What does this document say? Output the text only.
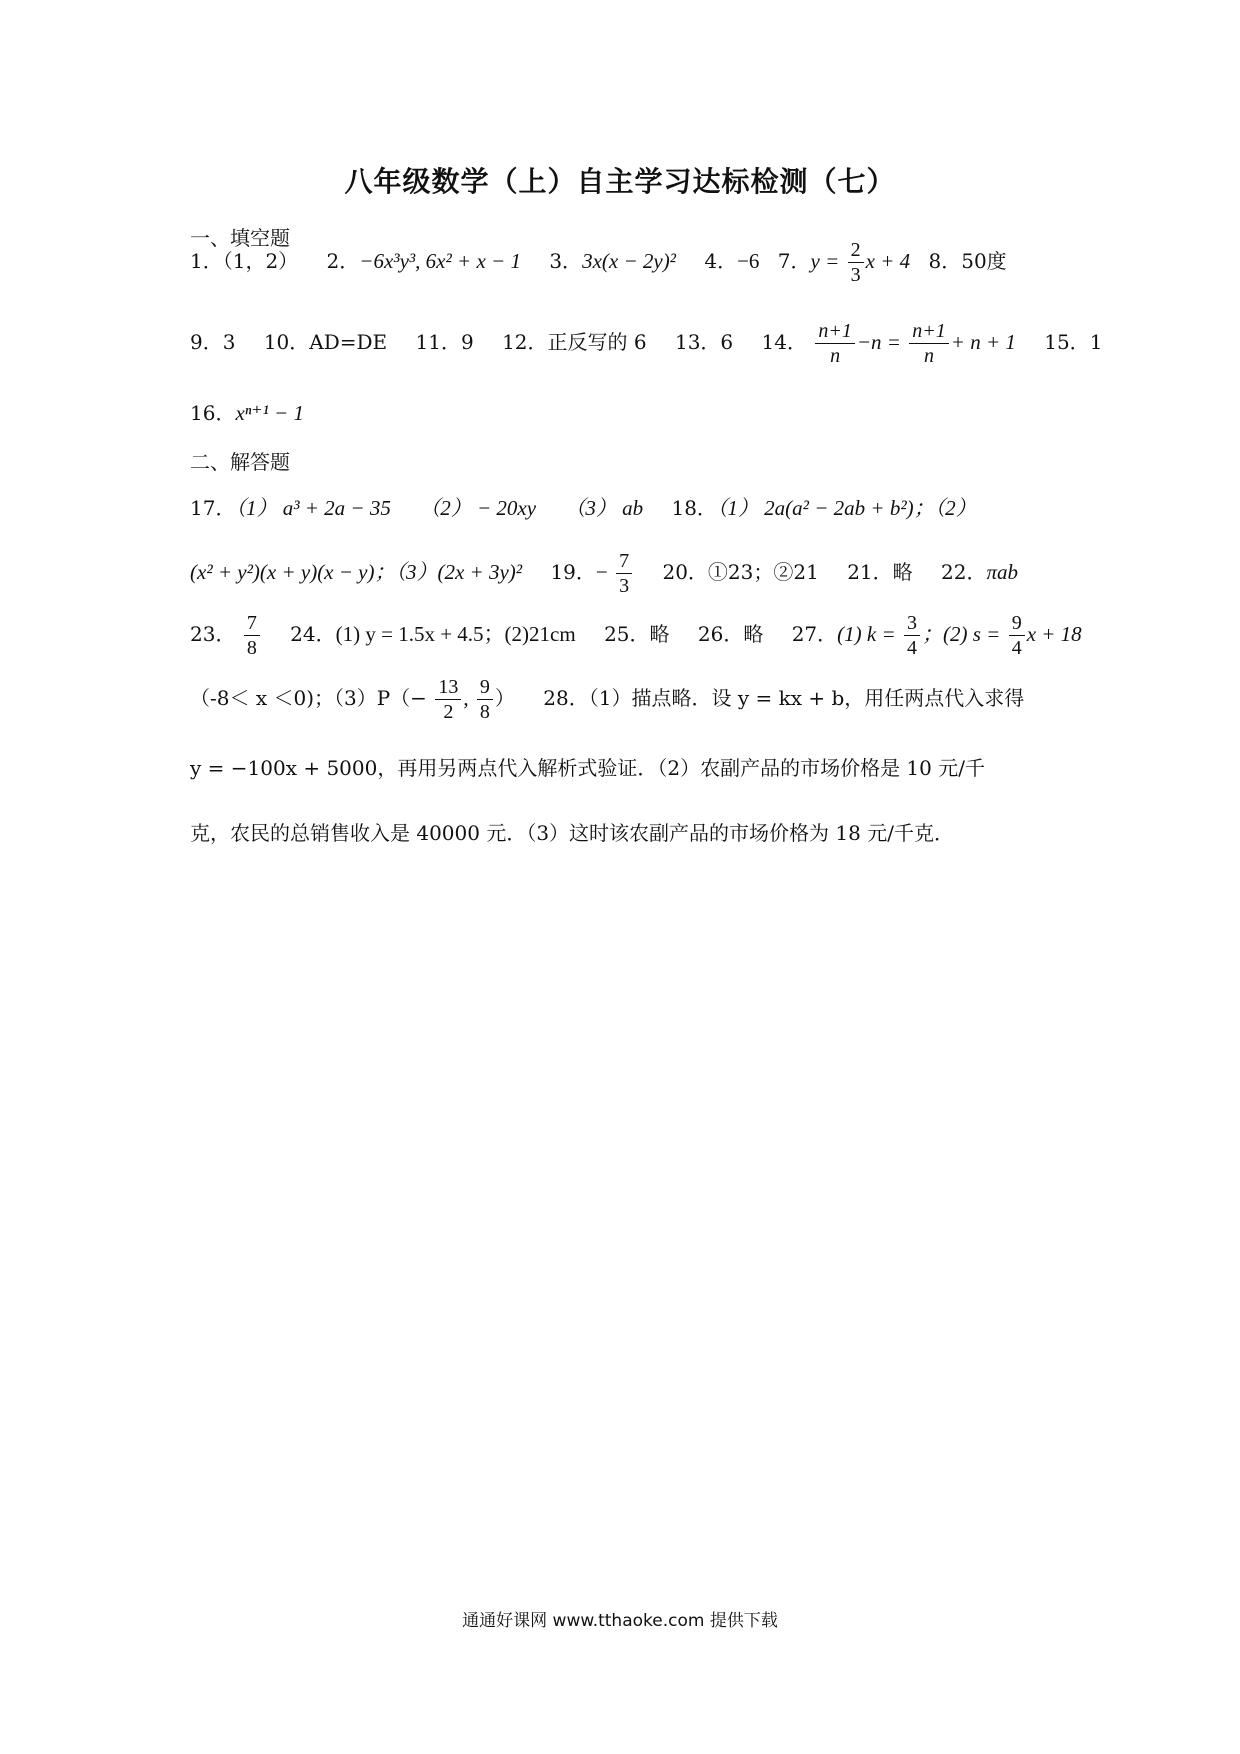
八年级数学（上）自主学习达标检测（七）
一、填空题
1．（1，2） 2．−6x³y³, 6x² + x − 1 3．3x(x − 2y)² 4．−6 7．$y = \frac{2}{3}$ x + 4 8．50度
9．3 10．AD=DE 11．9 12．正反写的 6 13．6 14． $\frac{n+1}{n} -n = \frac{n+1}{n} + n + 1$ 15．1
16．xⁿ⁺¹ − 1
二、解答题
17．（1） a³ + 2a − 35 （2） − 20xy （3） ab 18．（1） 2a(a² − 2ab + b²)；（2）
(x² + y²)(x + y)(x − y)；（3）(2x + 3y)² 19．− $\frac{7}{3} 20$．①23；②21 21．略 22．πab
23． $\frac{7}{8} 24$．(1) y = 1.5x + 4.5；(2)21cm 25．略 26．略 27．(1) $k = \frac{3}{4}$ ；(2) $s = \frac{9}{4}$ x + 18
（-8＜ x ＜0)；$(3)P(- \frac{13}{2}$ , $\frac{9}{8}$ ） 28．（1）描点略．设 y = kx + b，用任两点代入求得
y = −100x + 5000，再用另两点代入解析式验证．（2）农副产品的市场价格是 10 元/千
克，农民的总销售收入是 40000 元．（3）这时该农副产品的市场价格为 18 元/千克．
通通好课网 www.tthaoke.com 提供下载
